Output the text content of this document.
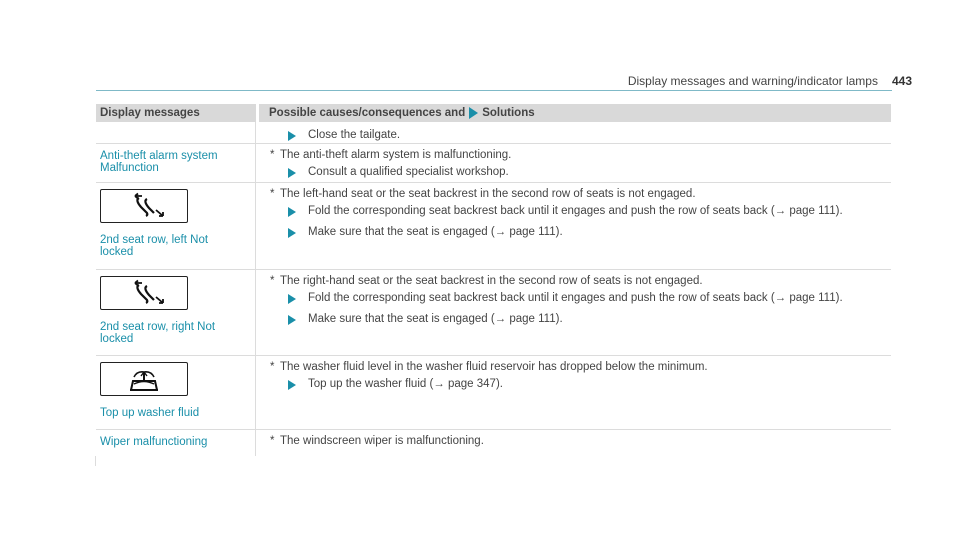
Display messages and warning/indicator lamps 443
Display messages	Possible causes/consequences and Solutions
Close the tailgate.
Anti-theft alarm system Malfunction
* The anti-theft alarm system is malfunctioning.
Consult a qualified specialist workshop.
2nd seat row, left Not locked
* The left-hand seat or the seat backrest in the second row of seats is not engaged.
Fold the corresponding seat backrest back until it engages and push the row of seats back (→ page 111).
Make sure that the seat is engaged (→ page 111).
2nd seat row, right Not locked
* The right-hand seat or the seat backrest in the second row of seats is not engaged.
Fold the corresponding seat backrest back until it engages and push the row of seats back (→ page 111).
Make sure that the seat is engaged (→ page 111).
Top up washer fluid
* The washer fluid level in the washer fluid reservoir has dropped below the minimum.
Top up the washer fluid (→ page 347).
Wiper malfunctioning	* The windscreen wiper is malfunctioning.
